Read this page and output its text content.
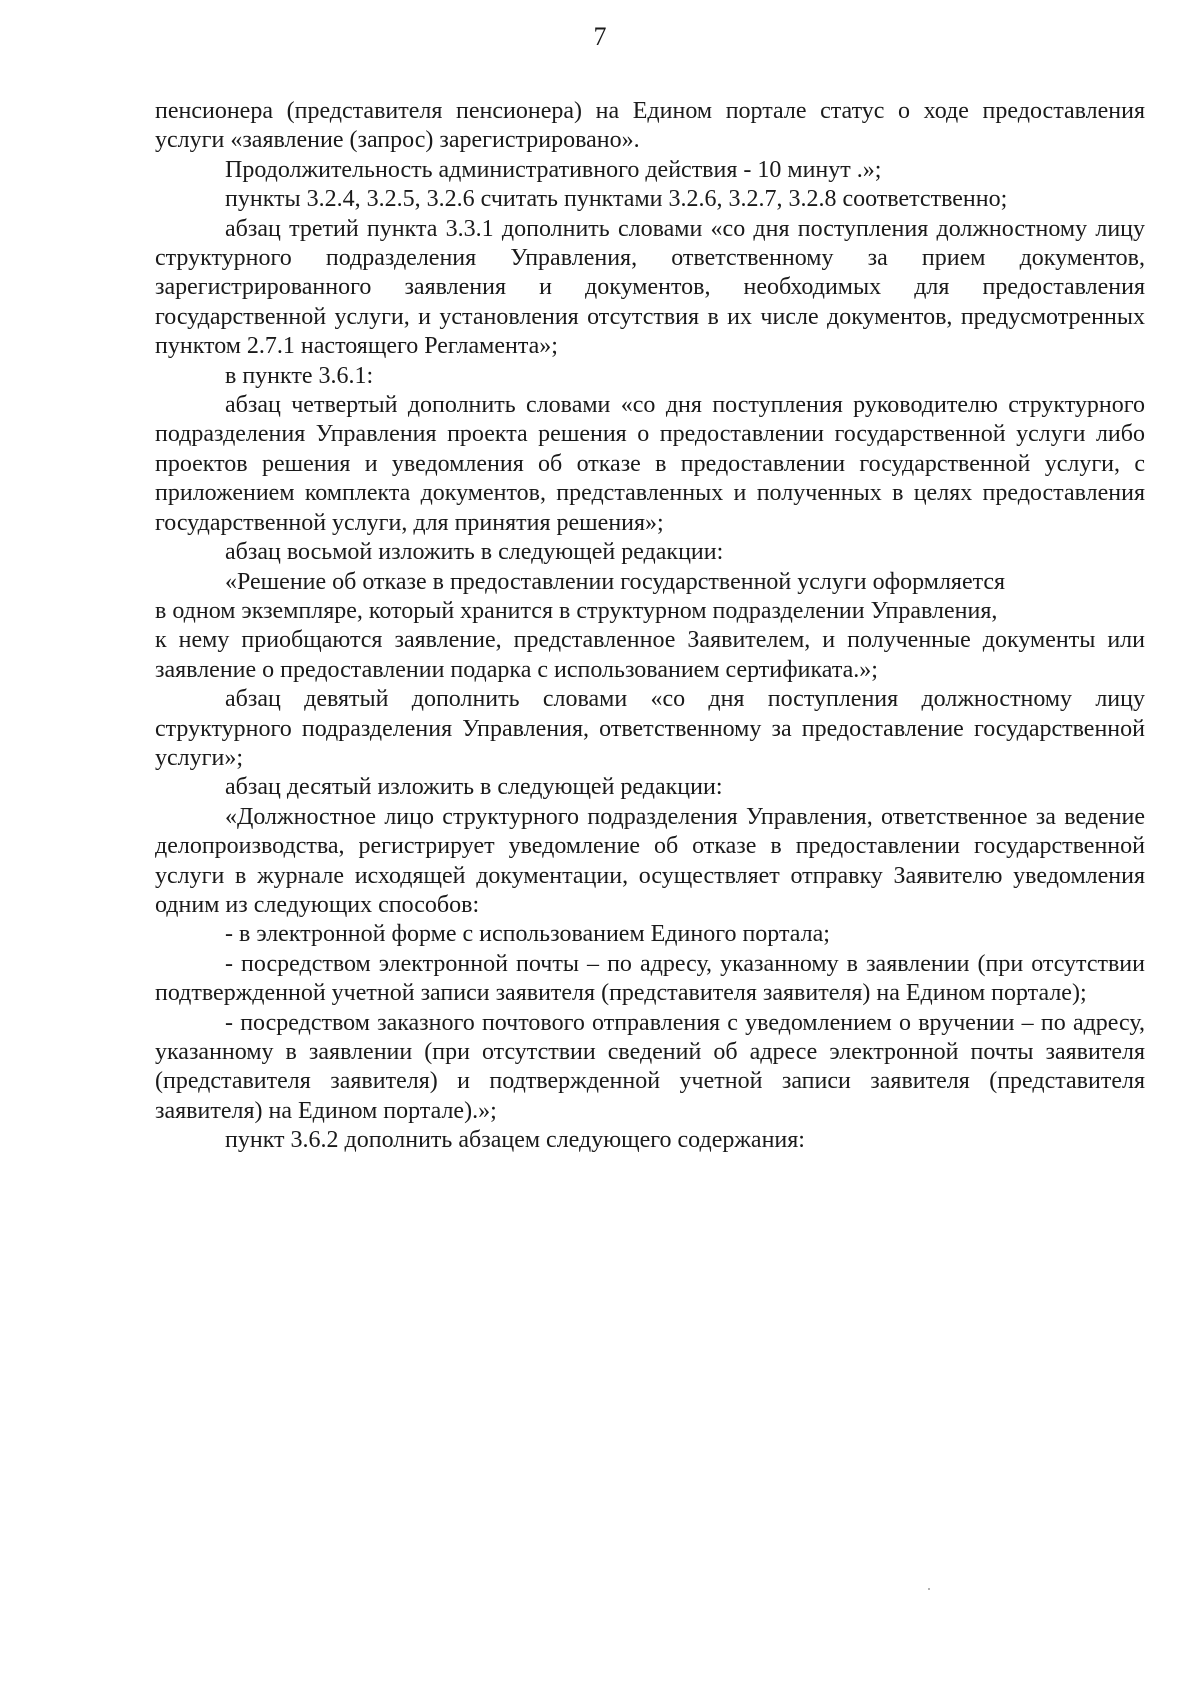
7

пенсионера (представителя пенсионера) на Едином портале статус о ходе предоставления услуги «заявление (запрос) зарегистрировано».

Продолжительность административного действия - 10 минут .»;

пункты 3.2.4, 3.2.5, 3.2.6 считать пунктами 3.2.6, 3.2.7, 3.2.8 соответственно;

абзац третий пункта 3.3.1 дополнить словами «со дня поступления должностному лицу структурного подразделения Управления, ответственному за прием документов, зарегистрированного заявления и документов, необходимых для предоставления государственной услуги, и установления отсутствия в их числе документов, предусмотренных пунктом 2.7.1 настоящего Регламента»;

в пункте 3.6.1:

абзац четвертый дополнить словами «со дня поступления руководителю структурного подразделения Управления проекта решения о предоставлении государственной услуги либо проектов решения и уведомления об отказе в предоставлении государственной услуги, с приложением комплекта документов, представленных и полученных в целях предоставления государственной услуги, для принятия решения»;

абзац восьмой изложить в следующей редакции:

«Решение об отказе в предоставлении государственной услуги оформляется

в одном экземпляре, который хранится в структурном подразделении Управления,

к нему приобщаются заявление, представленное Заявителем, и полученные документы или заявление о предоставлении подарка с использованием сертификата.»;

абзац девятый дополнить словами «со дня поступления должностному лицу структурного подразделения Управления, ответственному за предоставление государственной услуги»;

абзац десятый изложить в следующей редакции:

«Должностное лицо структурного подразделения Управления, ответственное за ведение делопроизводства, регистрирует уведомление об отказе в предоставлении государственной услуги в журнале исходящей документации, осуществляет отправку Заявителю уведомления одним из следующих способов:

- в электронной форме с использованием Единого портала;

- посредством электронной почты – по адресу, указанному в заявлении (при отсутствии подтвержденной учетной записи заявителя (представителя заявителя) на Едином портале);

- посредством заказного почтового отправления с уведомлением о вручении – по адресу, указанному в заявлении (при отсутствии сведений об адресе электронной почты заявителя (представителя заявителя) и подтвержденной учетной записи заявителя (представителя заявителя) на Едином портале).»;

пункт 3.6.2 дополнить абзацем следующего содержания:
